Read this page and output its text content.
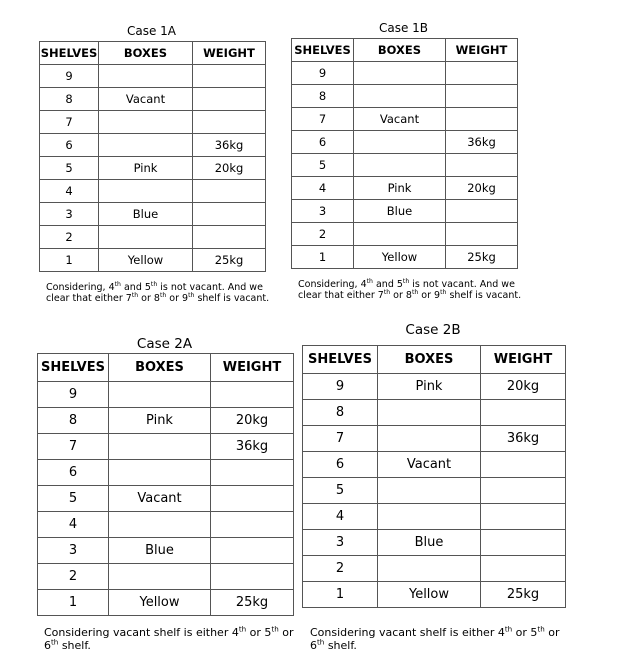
Case 1A
SHELVES	BOXES	WEIGHT
9		
8	Vacant	
7		
6		36kg
5	Pink	20kg
4		
3	Blue	
2		
1	Yellow	25kg
Considering, 4th and 5th is not vacant. And we
clear that either 7th or 8th or 9th shelf is vacant.
Case 1B
SHELVES	BOXES	WEIGHT
9		
8		
7	Vacant	
6		36kg
5		
4	Pink	20kg
3	Blue	
2		
1	Yellow	25kg
Considering, 4th and 5th is not vacant. And we
clear that either 7th or 8th or 9th shelf is vacant.
Case 2A
SHELVES	BOXES	WEIGHT
9		
8	Pink	20kg
7		36kg
6		
5	Vacant	
4		
3	Blue	
2		
1	Yellow	25kg
Considering vacant shelf is either 4th or 5th or
6th shelf.
Case 2B
SHELVES	BOXES	WEIGHT
9	Pink	20kg
8		
7		36kg
6	Vacant	
5		
4		
3	Blue	
2		
1	Yellow	25kg
Considering vacant shelf is either 4th or 5th or
6th shelf.
